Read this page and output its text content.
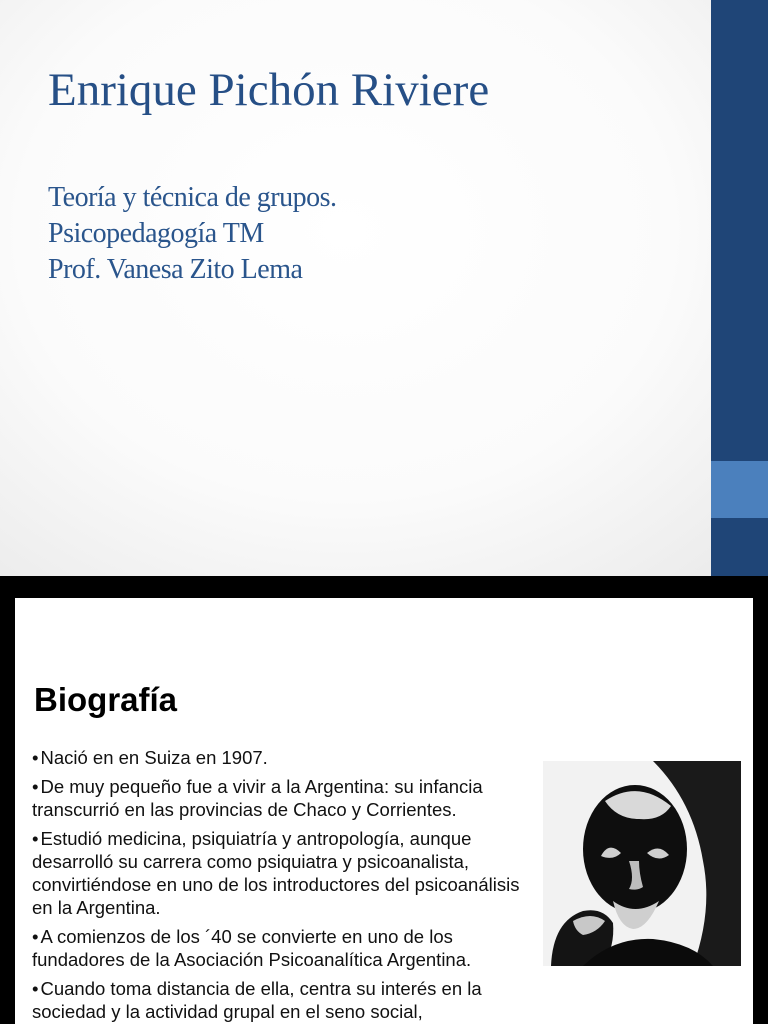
Enrique Pichón Riviere
Teoría y técnica de grupos.
Psicopedagogía TM
Prof. Vanesa Zito Lema
Biografía
• Nació en en Suiza en 1907.
• De muy pequeño fue a vivir a la Argentina: su infancia transcurrió en las provincias de Chaco y Corrientes.
• Estudió medicina, psiquiatría y antropología, aunque desarrolló su carrera como psiquiatra y psicoanalista, convirtiéndose en uno de los introductores del psicoanálisis en la Argentina.
• A comienzos de los ´40 se convierte en uno de los fundadores de la Asociación Psicoanalítica Argentina.
• Cuando toma distancia de ella, centra su interés en la sociedad y la actividad grupal en el seno social,
